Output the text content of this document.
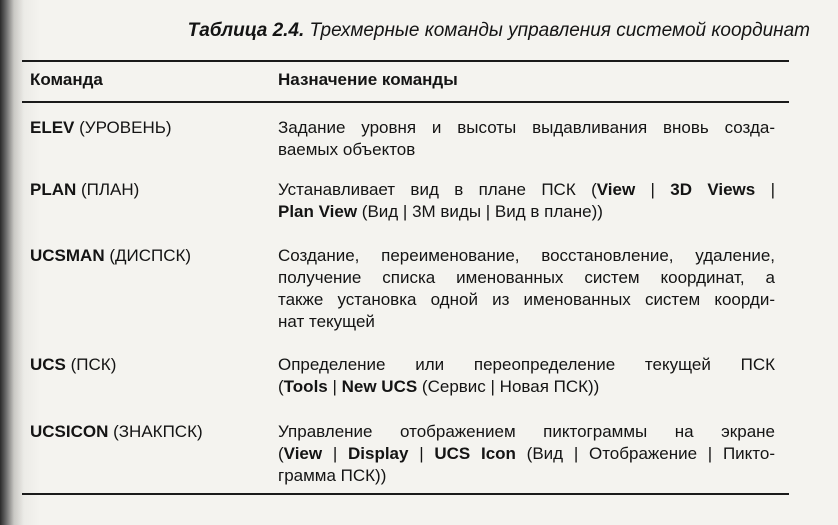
Таблица 2.4. Трехмерные команды управления системой координат
Команда	Назначение команды
ELEV (УРОВЕНЬ)	Задание уровня и высоты выдавливания вновь созда-
ваемых объектов
PLAN (ПЛАН)	Устанавливает вид в плане ПСК (View | 3D Views |
Plan View (Вид | 3М виды | Вид в плане))
UCSMAN (ДИСПСК)	Создание, переименование, восстановление, удаление,
получение списка именованных систем координат, а
также установка одной из именованных систем коорди-
нат текущей
UCS (ПСК)	Определение или переопределение текущей ПСК
(Tools | New UCS (Сервис | Новая ПСК))
UCSICON (ЗНАКПСК)	Управление отображением пиктограммы на экране
(View | Display | UCS Icon (Вид | Отображение | Пикто-
грамма ПСК))
